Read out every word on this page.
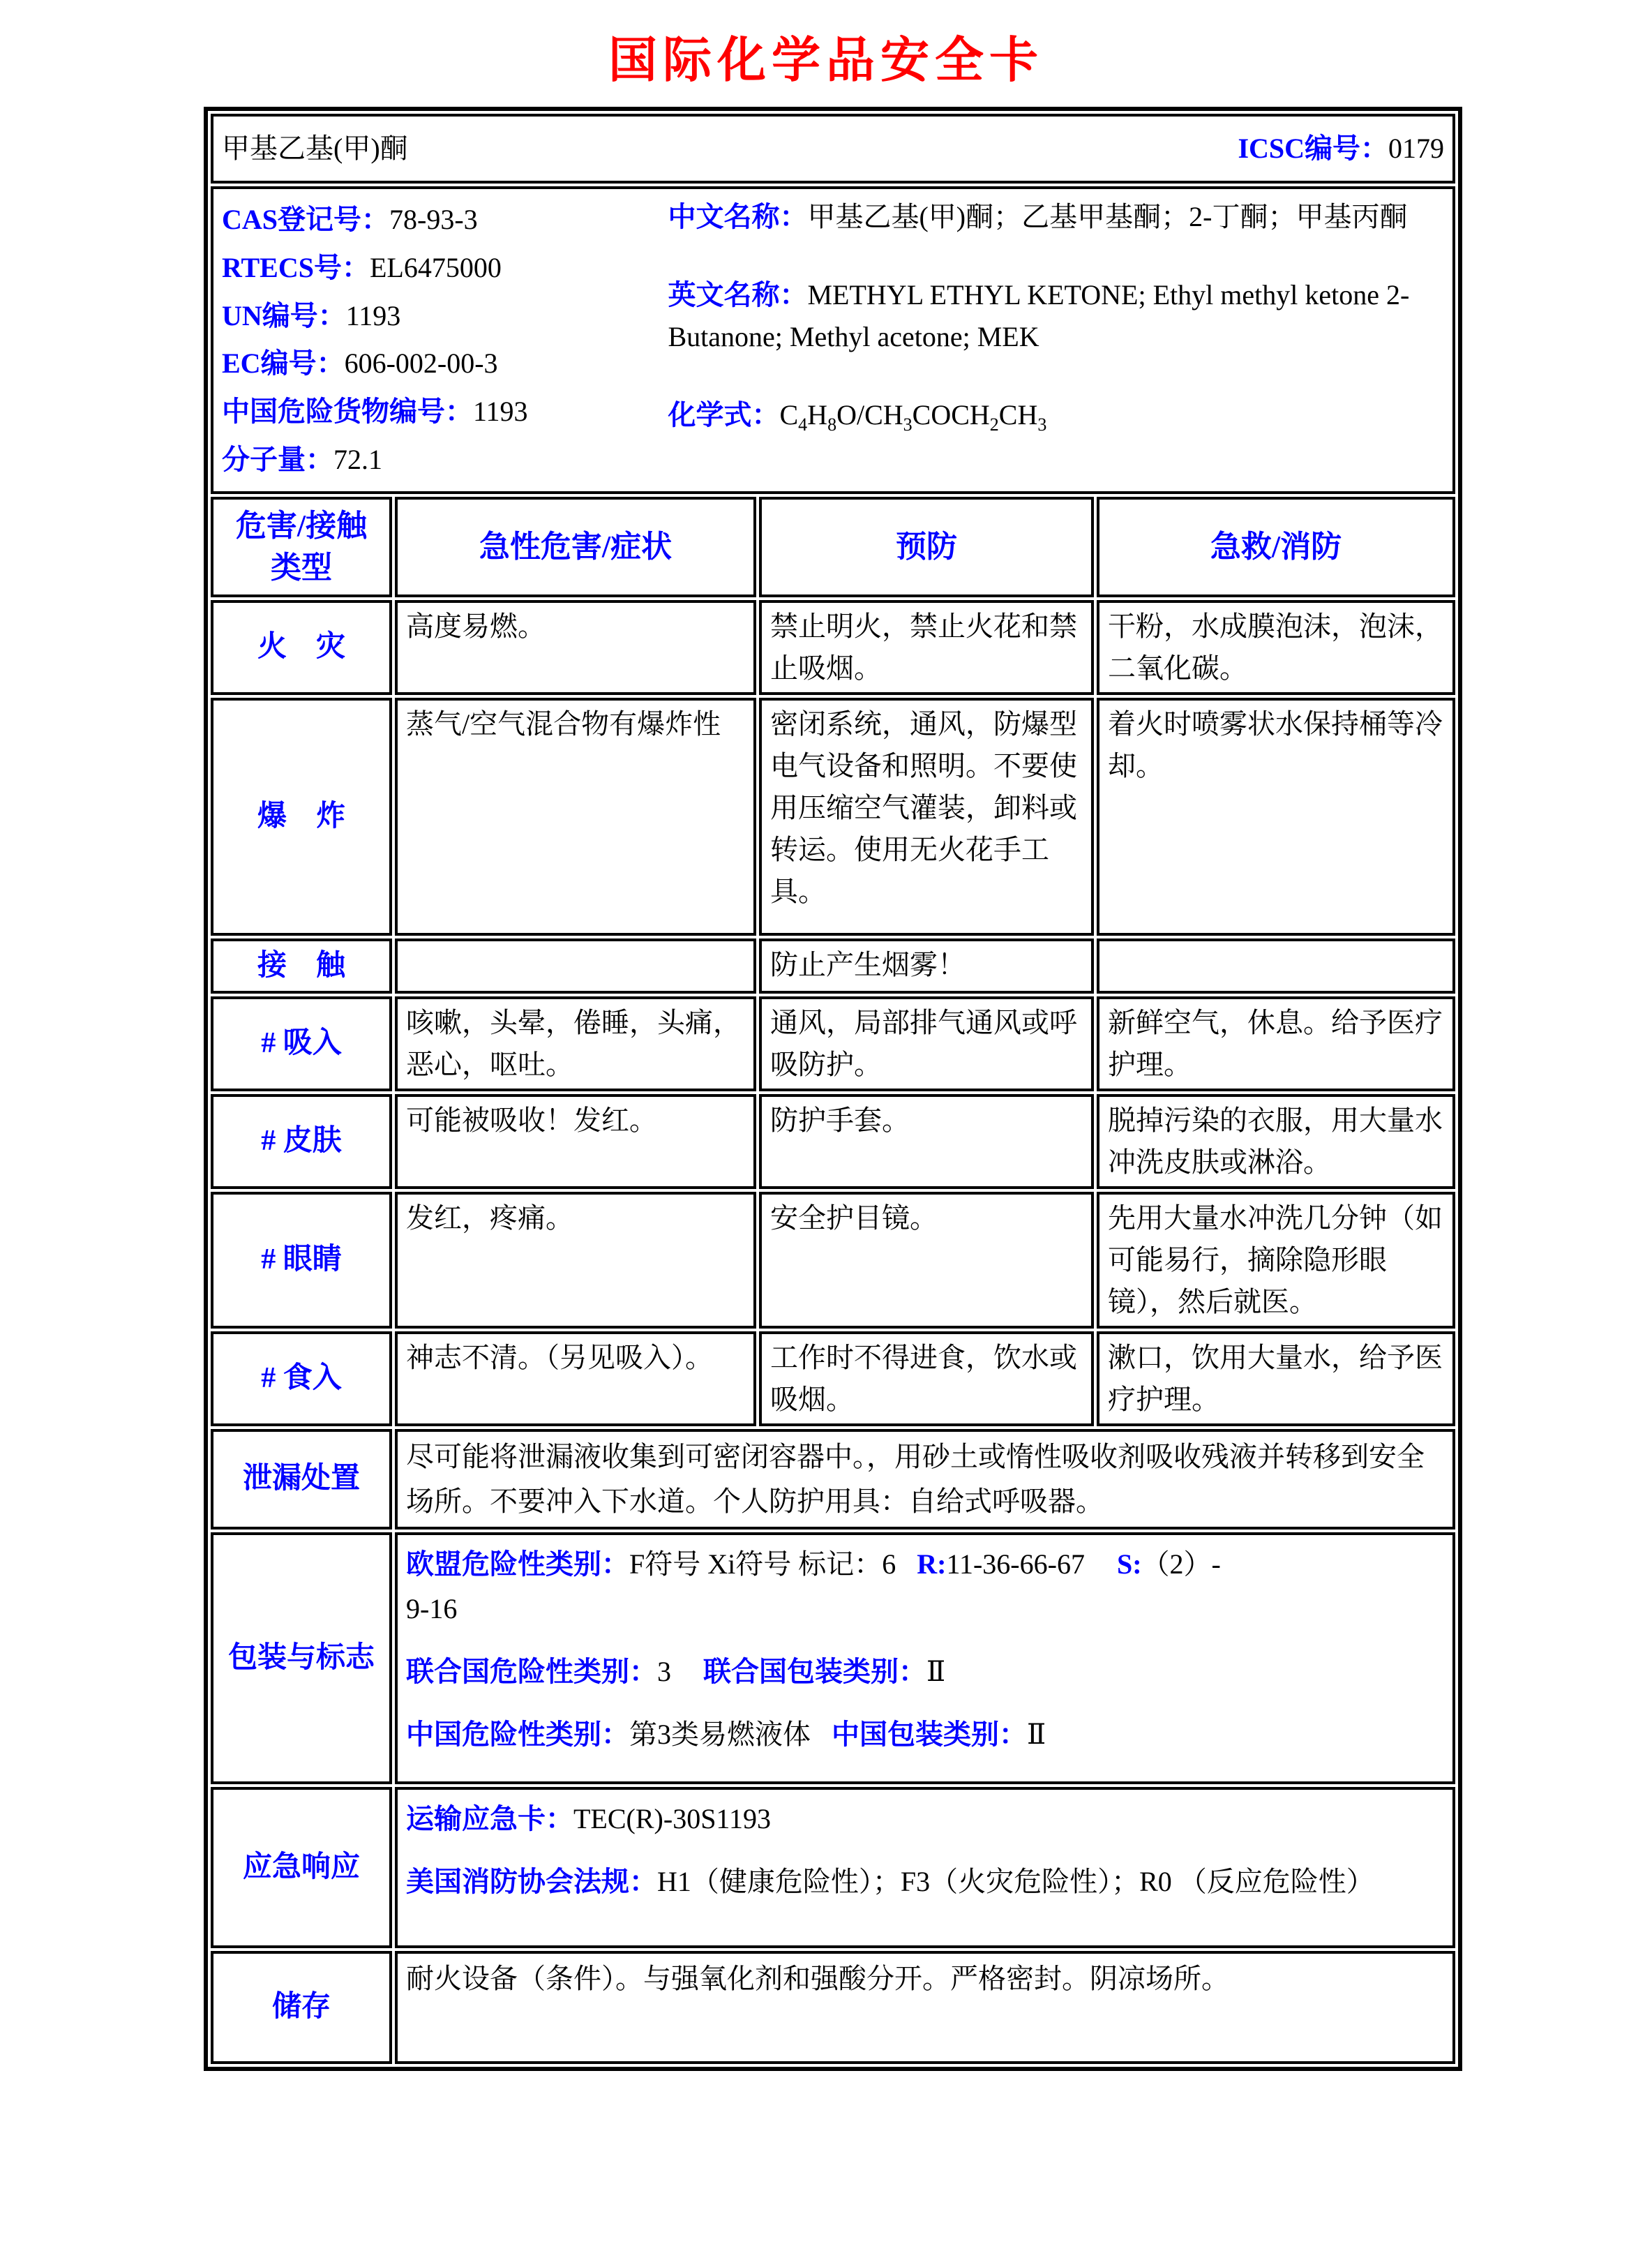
国际化学品安全卡
甲基乙基(甲)酮 ICSC编号：0179			

CAS登记号：78-93-3
RTECS号：EL6475000
UN编号：1193
EC编号：606-002-00-3
中国危险货物编号：1193
分子量：72.1
中文名称：甲基乙基(甲)酮；乙基甲基酮；2-丁酮；甲基丙酮
英文名称：METHYL ETHYL KETONE; Ethyl methyl ketone 2-Butanone; Methyl acetone; MEK
化学式：$C_4H_8O/CH_3COCH_2CH_3$

危害/接触类型	急性危害/症状	预防	急救/消防
火　灾	高度易燃。	禁止明火，禁止火花和禁止吸烟。	干粉，水成膜泡沫，泡沫，二氧化碳。
爆　炸	蒸气/空气混合物有爆炸性	密闭系统，通风，防爆型电气设备和照明。不要使用压缩空气灌装，卸料或转运。使用无火花手工具。	着火时喷雾状水保持桶等冷却。
接　触		防止产生烟雾！	
# 吸入	咳嗽，头晕，倦睡，头痛，恶心，呕吐。	通风，局部排气通风或呼吸防护。	新鲜空气，休息。给予医疗护理。
# 皮肤	可能被吸收！发红。	防护手套。	脱掉污染的衣服，用大量水冲洗皮肤或淋浴。
# 眼睛	发红，疼痛。	安全护目镜。	先用大量水冲洗几分钟（如可能易行，摘除隐形眼镜），然后就医。
# 食入	神志不清。（另见吸入）。	工作时不得进食，饮水或吸烟。	漱口，饮用大量水，给予医疗护理。
泄漏处置	尽可能将泄漏液收集到可密闭容器中。，用砂土或惰性吸收剂吸收残液并转移到安全场所。不要冲入下水道。个人防护用具：自给式呼吸器。		
包装与标志	欧盟危险性类别：F符号 Xi符号 标记：6 R:11-36-66-67 S:（2）-
9-16
联合国危险性类别：3 联合国包装类别：Ⅱ
中国危险性类别：第3类易燃液体 中国包装类别：Ⅱ		

应急响应	运输应急卡：TEC(R)-30S1193
美国消防协会法规：H1（健康危险性）；F3（火灾危险性）；R0 （反应危险性）		

储存	耐火设备（条件）。与强氧化剂和强酸分开。严格密封。阴凉场所。		
